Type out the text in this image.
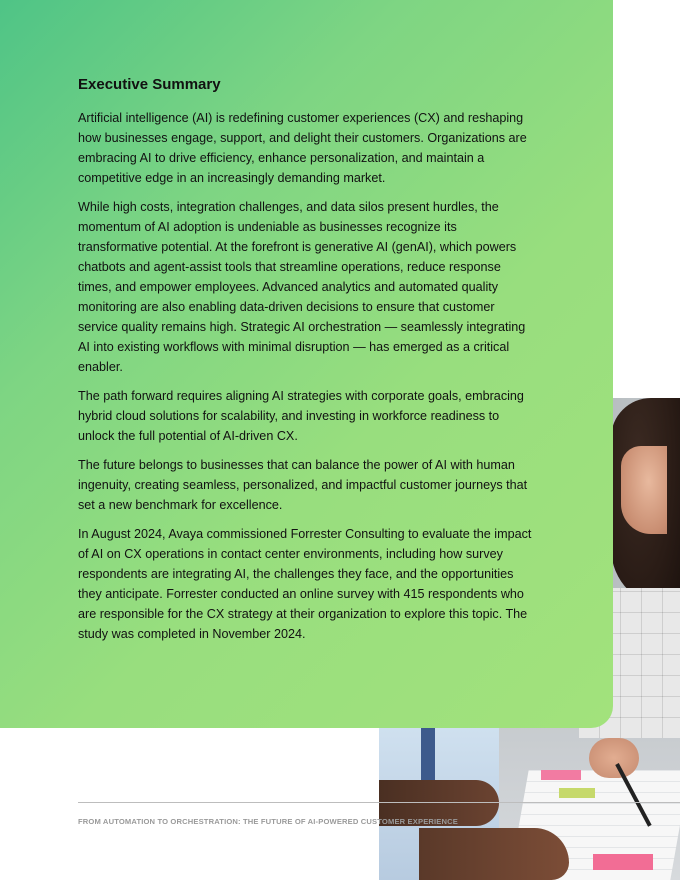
Executive Summary

Artificial intelligence (AI) is redefining customer experiences (CX) and reshaping how businesses engage, support, and delight their customers. Organizations are embracing AI to drive efficiency, enhance personalization, and maintain a competitive edge in an increasingly demanding market.

While high costs, integration challenges, and data silos present hurdles, the momentum of AI adoption is undeniable as businesses recognize its transformative potential. At the forefront is generative AI (genAI), which powers chatbots and agent-assist tools that streamline operations, reduce response times, and empower employees. Advanced analytics and automated quality monitoring are also enabling data-driven decisions to ensure that customer service quality remains high. Strategic AI orchestration — seamlessly integrating AI into existing workflows with minimal disruption — has emerged as a critical enabler.

The path forward requires aligning AI strategies with corporate goals, embracing hybrid cloud solutions for scalability, and investing in workforce readiness to unlock the full potential of AI-driven CX.

The future belongs to businesses that can balance the power of AI with human ingenuity, creating seamless, personalized, and impactful customer journeys that set a new benchmark for excellence.

In August 2024, Avaya commissioned Forrester Consulting to evaluate the impact of AI on CX operations in contact center environments, including how survey respondents are integrating AI, the challenges they face, and the opportunities they anticipate. Forrester conducted an online survey with 415 respondents who are responsible for the CX strategy at their organization to explore this topic. The study was completed in November 2024.

FROM AUTOMATION TO ORCHESTRATION: THE FUTURE OF AI-POWERED CUSTOMER EXPERIENCE
